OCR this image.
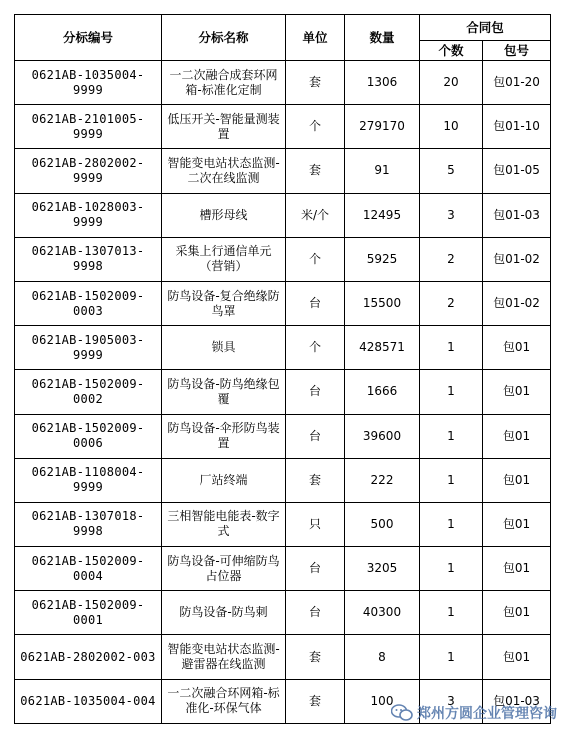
分标编号	分标名称	单位	数量	合同包	
				个数	包号
0621AB-1035004-9999	一二次融合成套环网箱-标准化定制	套	1306	20	包01-20
0621AB-2101005-9999	低压开关-智能量测装置	个	279170	10	包01-10
0621AB-2802002-9999	智能变电站状态监测-二次在线监测	套	91	5	包01-05
0621AB-1028003-9999	槽形母线	米/个	12495	3	包01-03
0621AB-1307013-9998	采集上行通信单元（营销）	个	5925	2	包01-02
0621AB-1502009-0003	防鸟设备-复合绝缘防鸟罩	台	15500	2	包01-02
0621AB-1905003-9999	锁具	个	428571	1	包01
0621AB-1502009-0002	防鸟设备-防鸟绝缘包覆	台	1666	1	包01
0621AB-1502009-0006	防鸟设备-伞形防鸟装置	台	39600	1	包01
0621AB-1108004-9999	厂站终端	套	222	1	包01
0621AB-1307018-9998	三相智能电能表-数字式	只	500	1	包01
0621AB-1502009-0004	防鸟设备-可伸缩防鸟占位器	台	3205	1	包01
0621AB-1502009-0001	防鸟设备-防鸟刺	台	40300	1	包01
0621AB-2802002-003	智能变电站状态监测-避雷器在线监测	套	8	1	包01
0621AB-1035004-004	一二次融合环网箱-标准化-环保气体	套	100	3	包01-03
郑州方圆企业管理咨询
